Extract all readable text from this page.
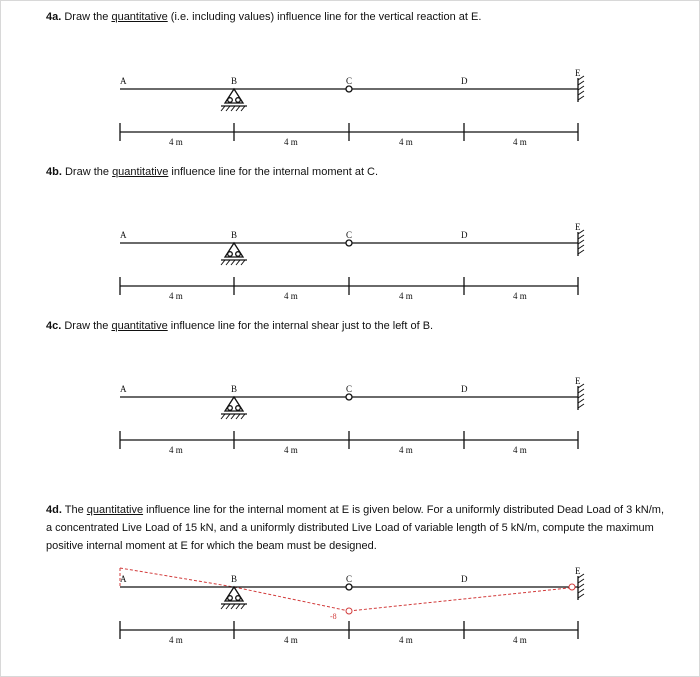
4a. Draw the quantitative (i.e. including values) influence line for the vertical reaction at E.
A	B	C	D
E
4 m	4 m	4 m	4 m
4b. Draw the quantitative influence line for the internal moment at C.
A	B	C	D
E
4 m	4 m	4 m	4 m
4c. Draw the quantitative influence line for the internal shear just to the left of B.
A	B	C	D
E
4 m	4 m	4 m	4 m
4d. The quantitative influence line for the internal moment at E is given below. For a uniformly distributed Dead Load of 3 kN/m, a concentrated Live Load of 15 kN, and a uniformly distributed Live Load of variable length of 5 kN/m, compute the maximum positive internal moment at E for which the beam must be designed.
A	B	C	D
E
4 m	4 m	4 m	4 m
-8
